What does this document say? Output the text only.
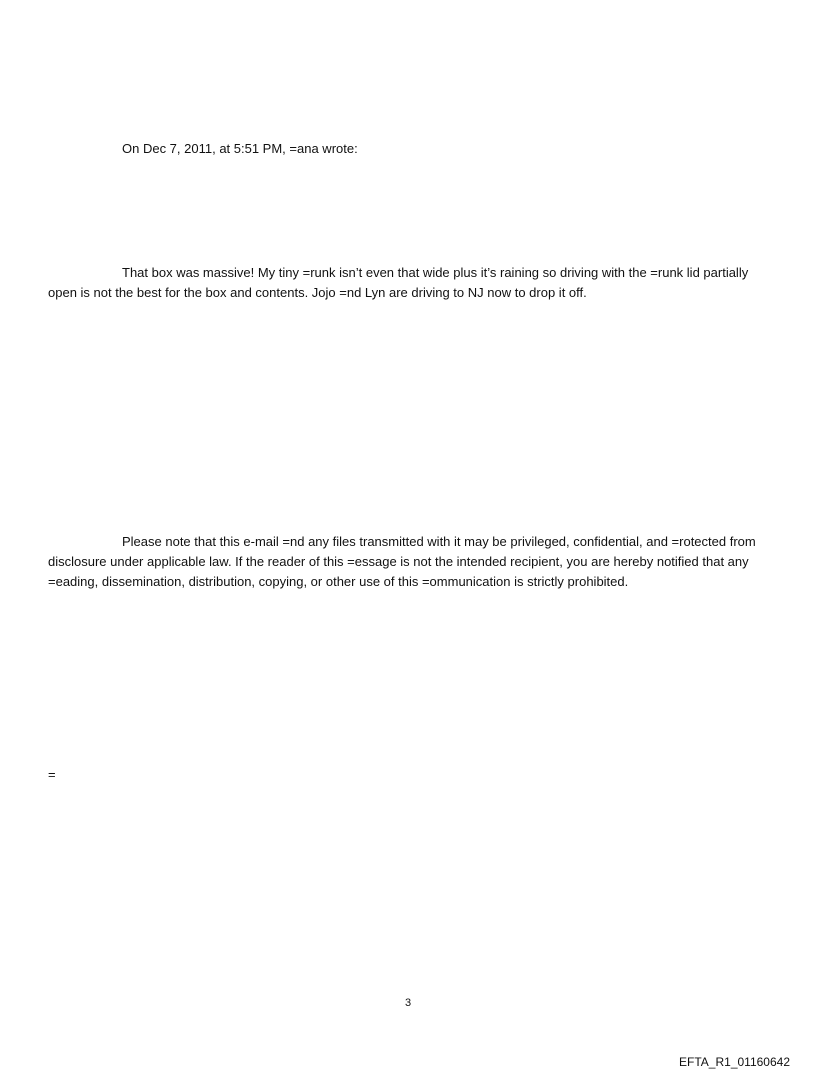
On Dec 7, 2011, at 5:51 PM, =ana wrote:

That box was massive! My tiny =runk isn’t even that wide plus it’s raining so driving with the =runk lid partially open is not the best for the box and contents. Jojo =nd Lyn are driving to NJ now to drop it off.

Please note that this e-mail =nd any files transmitted with it may be privileged, confidential, and =rotected from disclosure under applicable law. If the reader of this =essage is not the intended recipient, you are hereby notified that any =eading, dissemination, distribution, copying, or other use of this =ommunication is strictly prohibited.

=

3

EFTA_R1_01160642
